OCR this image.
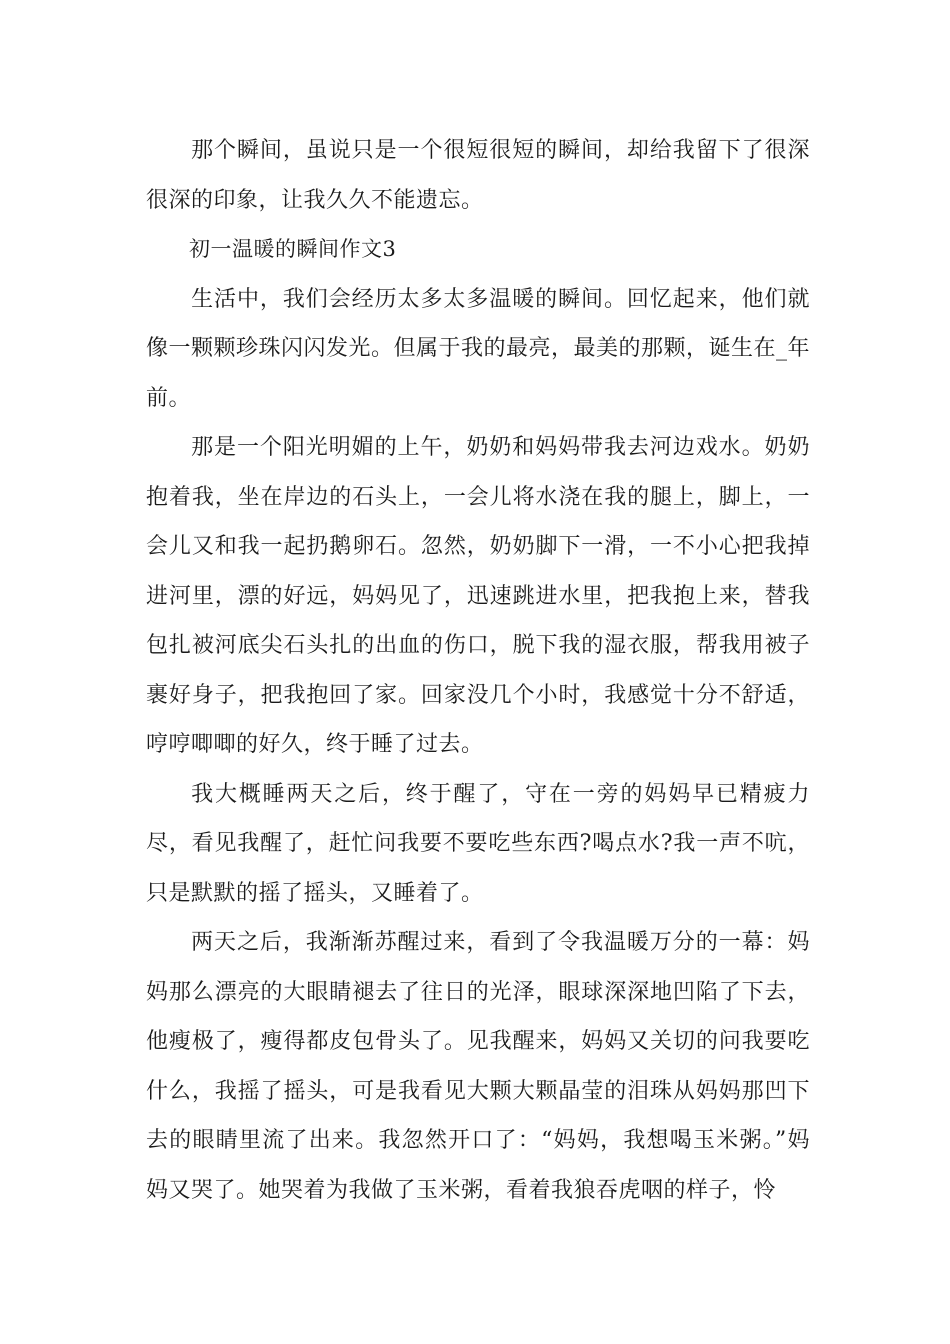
那个瞬间，虽说只是一个很短很短的瞬间，却给我留下了很深很深的印象，让我久久不能遗忘。

初一温暖的瞬间作文3

生活中，我们会经历太多太多温暖的瞬间。回忆起来，他们就像一颗颗珍珠闪闪发光。但属于我的最亮，最美的那颗，诞生在_年前。

那是一个阳光明媚的上午，奶奶和妈妈带我去河边戏水。奶奶抱着我，坐在岸边的石头上，一会儿将水浇在我的腿上，脚上，一会儿又和我一起扔鹅卵石。忽然，奶奶脚下一滑，一不小心把我掉进河里，漂的好远，妈妈见了，迅速跳进水里，把我抱上来，替我包扎被河底尖石头扎的出血的伤口，脱下我的湿衣服，帮我用被子裹好身子，把我抱回了家。回家没几个小时，我感觉十分不舒适，哼哼唧唧的好久，终于睡了过去。

我大概睡两天之后，终于醒了，守在一旁的妈妈早已精疲力尽，看见我醒了，赶忙问我要不要吃些东西?喝点水?我一声不吭，只是默默的摇了摇头，又睡着了。

两天之后，我渐渐苏醒过来，看到了令我温暖万分的一幕：妈妈那么漂亮的大眼睛褪去了往日的光泽，眼球深深地凹陷了下去，他瘦极了，瘦得都皮包骨头了。见我醒来，妈妈又关切的问我要吃什么，我摇了摇头，可是我看见大颗大颗晶莹的泪珠从妈妈那凹下去的眼睛里流了出来。我忽然开口了：“妈妈，我想喝玉米粥。”妈妈又哭了。她哭着为我做了玉米粥，看着我狼吞虎咽的样子，怜
